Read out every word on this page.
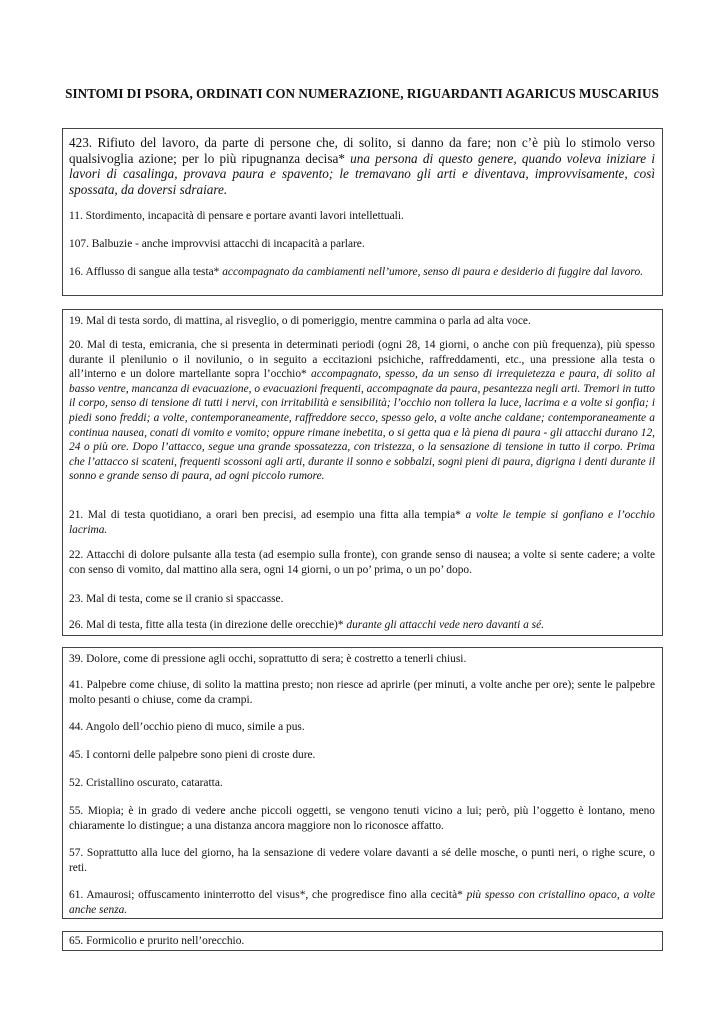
SINTOMI DI PSORA, ORDINATI CON NUMERAZIONE, RIGUARDANTI AGARICUS MUSCARIUS

423. Rifiuto del lavoro, da parte di persone che, di solito, si danno da fare; non c’è più lo stimolo verso qualsivoglia azione; per lo più ripugnanza decisa* una persona di questo genere, quando voleva iniziare i lavori di casalinga, provava paura e spavento; le tremavano gli arti e diventava, improvvisamente, così spossata, da doversi sdraiare.

11. Stordimento, incapacità di pensare e portare avanti lavori intellettuali.

107. Balbuzie - anche improvvisi attacchi di incapacità a parlare.

16. Afflusso di sangue alla testa* accompagnato da cambiamenti nell’umore, senso di paura e desiderio di fuggire dal lavoro.

19. Mal di testa sordo, di mattina, al risveglio, o di pomeriggio, mentre cammina o parla ad alta voce.

20. Mal di testa, emicrania, che si presenta in determinati periodi (ogni 28, 14 giorni, o anche con più frequenza), più spesso durante il plenilunio o il novilunio, o in seguito a eccitazioni psichiche, raffreddamenti, etc., una pressione alla testa o all’interno e un dolore martellante sopra l’occhio* accompagnato, spesso, da un senso di irrequietezza e paura, di solito al basso ventre, mancanza di evacuazione, o evacuazioni frequenti, accompagnate da paura, pesantezza negli arti. Tremori in tutto il corpo, senso di tensione di tutti i nervi, con irritabilità e sensibilità; l’occhio non tollera la luce, lacrima e a volte si gonfia; i piedi sono freddi; a volte, contemporaneamente, raffreddore secco, spesso gelo, a volte anche caldane; contemporaneamente a continua nausea, conati di vomito e vomito; oppure rimane inebetita, o si getta qua e là piena di paura - gli attacchi durano 12, 24 o più ore. Dopo l’attacco, segue una grande spossatezza, con tristezza, o la sensazione di tensione in tutto il corpo. Prima che l’attacco si scateni, frequenti scossoni agli arti, durante il sonno e sobbalzi, sogni pieni di paura, digrigna i denti durante il sonno e grande senso di paura, ad ogni piccolo rumore.

21. Mal di testa quotidiano, a orari ben precisi, ad esempio una fitta alla tempia* a volte le tempie si gonfiano e l’occhio lacrima.

22. Attacchi di dolore pulsante alla testa (ad esempio sulla fronte), con grande senso di nausea; a volte si sente cadere; a volte con senso di vomito, dal mattino alla sera, ogni 14 giorni, o un po’ prima, o un po’ dopo.

23. Mal di testa, come se il cranio si spaccasse.

26. Mal di testa, fitte alla testa (in direzione delle orecchie)* durante gli attacchi vede nero davanti a sé.

39. Dolore, come di pressione agli occhi, soprattutto di sera; è costretto a tenerli chiusi.

41. Palpebre come chiuse, di solito la mattina presto; non riesce ad aprirle (per minuti, a volte anche per ore); sente le palpebre molto pesanti o chiuse, come da crampi.

44. Angolo dell’occhio pieno di muco, simile a pus.

45. I contorni delle palpebre sono pieni di croste dure.

52. Cristallino oscurato, cataratta.

55. Miopia; è in grado di vedere anche piccoli oggetti, se vengono tenuti vicino a lui; però, più l’oggetto è lontano, meno chiaramente lo distingue; a una distanza ancora maggiore non lo riconosce affatto.

57. Soprattutto alla luce del giorno, ha la sensazione di vedere volare davanti a sé delle mosche, o punti neri, o righe scure, o reti.

61. Amaurosi; offuscamento ininterrotto del visus*, che progredisce fino alla cecità* più spesso con cristallino opaco, a volte anche senza.

65. Formicolio e prurito nell’orecchio.
